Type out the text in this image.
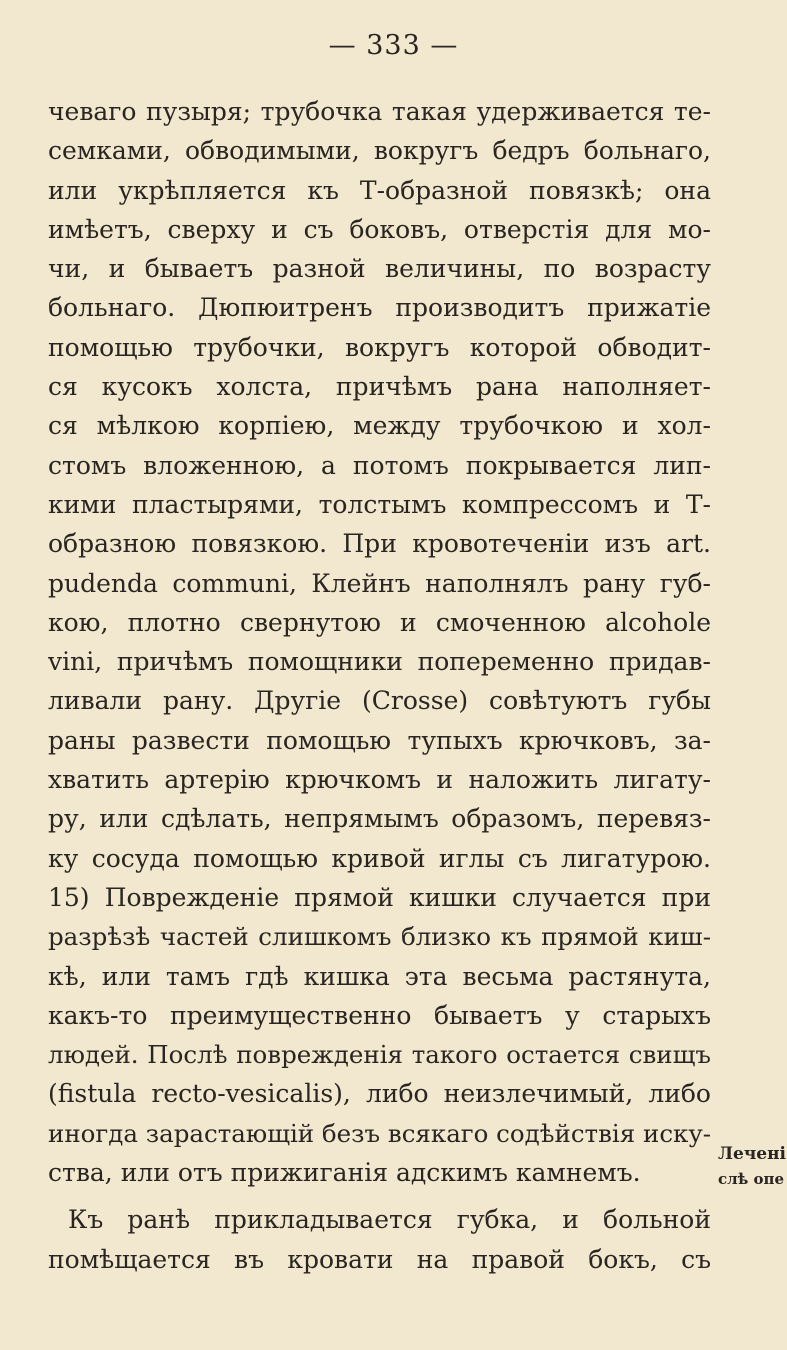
— 333 —
чеваго пузыря; трубочка такая удерживается те-
семками, обводимыми, вокругъ бедръ больнаго,
или укрѣпляется къ Т-образной повязкѣ; она
имѣетъ, сверху и съ боковъ, отверстія для мо-
чи, и бываетъ разной величины, по возрасту
больнаго. Дюпюитренъ производитъ прижатіе
помощью трубочки, вокругъ которой обводит-
ся кусокъ холста, причѣмъ рана наполняет-
ся мѣлкою корпіею, между трубочкою и хол-
стомъ вложенною, а потомъ покрывается лип-
кими пластырями, толстымъ компрессомъ и Т-
образною повязкою. При кровотеченіи изъ art.
pudenda communi, Клейнъ наполнялъ рану губ-
кою, плотно свернутою и смоченною alcohole
vini, причѣмъ помощники попеременно придав-
ливали рану. Другіе (Crosse) совѣтуютъ губы
раны развести помощью тупыхъ крючковъ, за-
хватить артерію крючкомъ и наложить лигату-
ру, или сдѣлать, непрямымъ образомъ, перевяз-
ку сосуда помощью кривой иглы съ лигатурою.
15) Поврежденіе прямой кишки случается при
разрѣзѣ частей слишкомъ близко къ прямой киш-
кѣ, или тамъ гдѣ кишка эта весьма растянута,
какъ-то преимущественно бываетъ у старыхъ
людей. Послѣ поврежденія такого остается свищъ
(fistula recto-vesicalis), либо неизлечимый, либо
иногда зарастающій безъ всякаго содѣйствія иску-
ства, или отъ прижиганія адскимъ камнемъ.
Къ ранѣ прикладывается губка, и больной
помѣщается въ кровати на правой бокъ, съ
Лечені
слѣ опе
